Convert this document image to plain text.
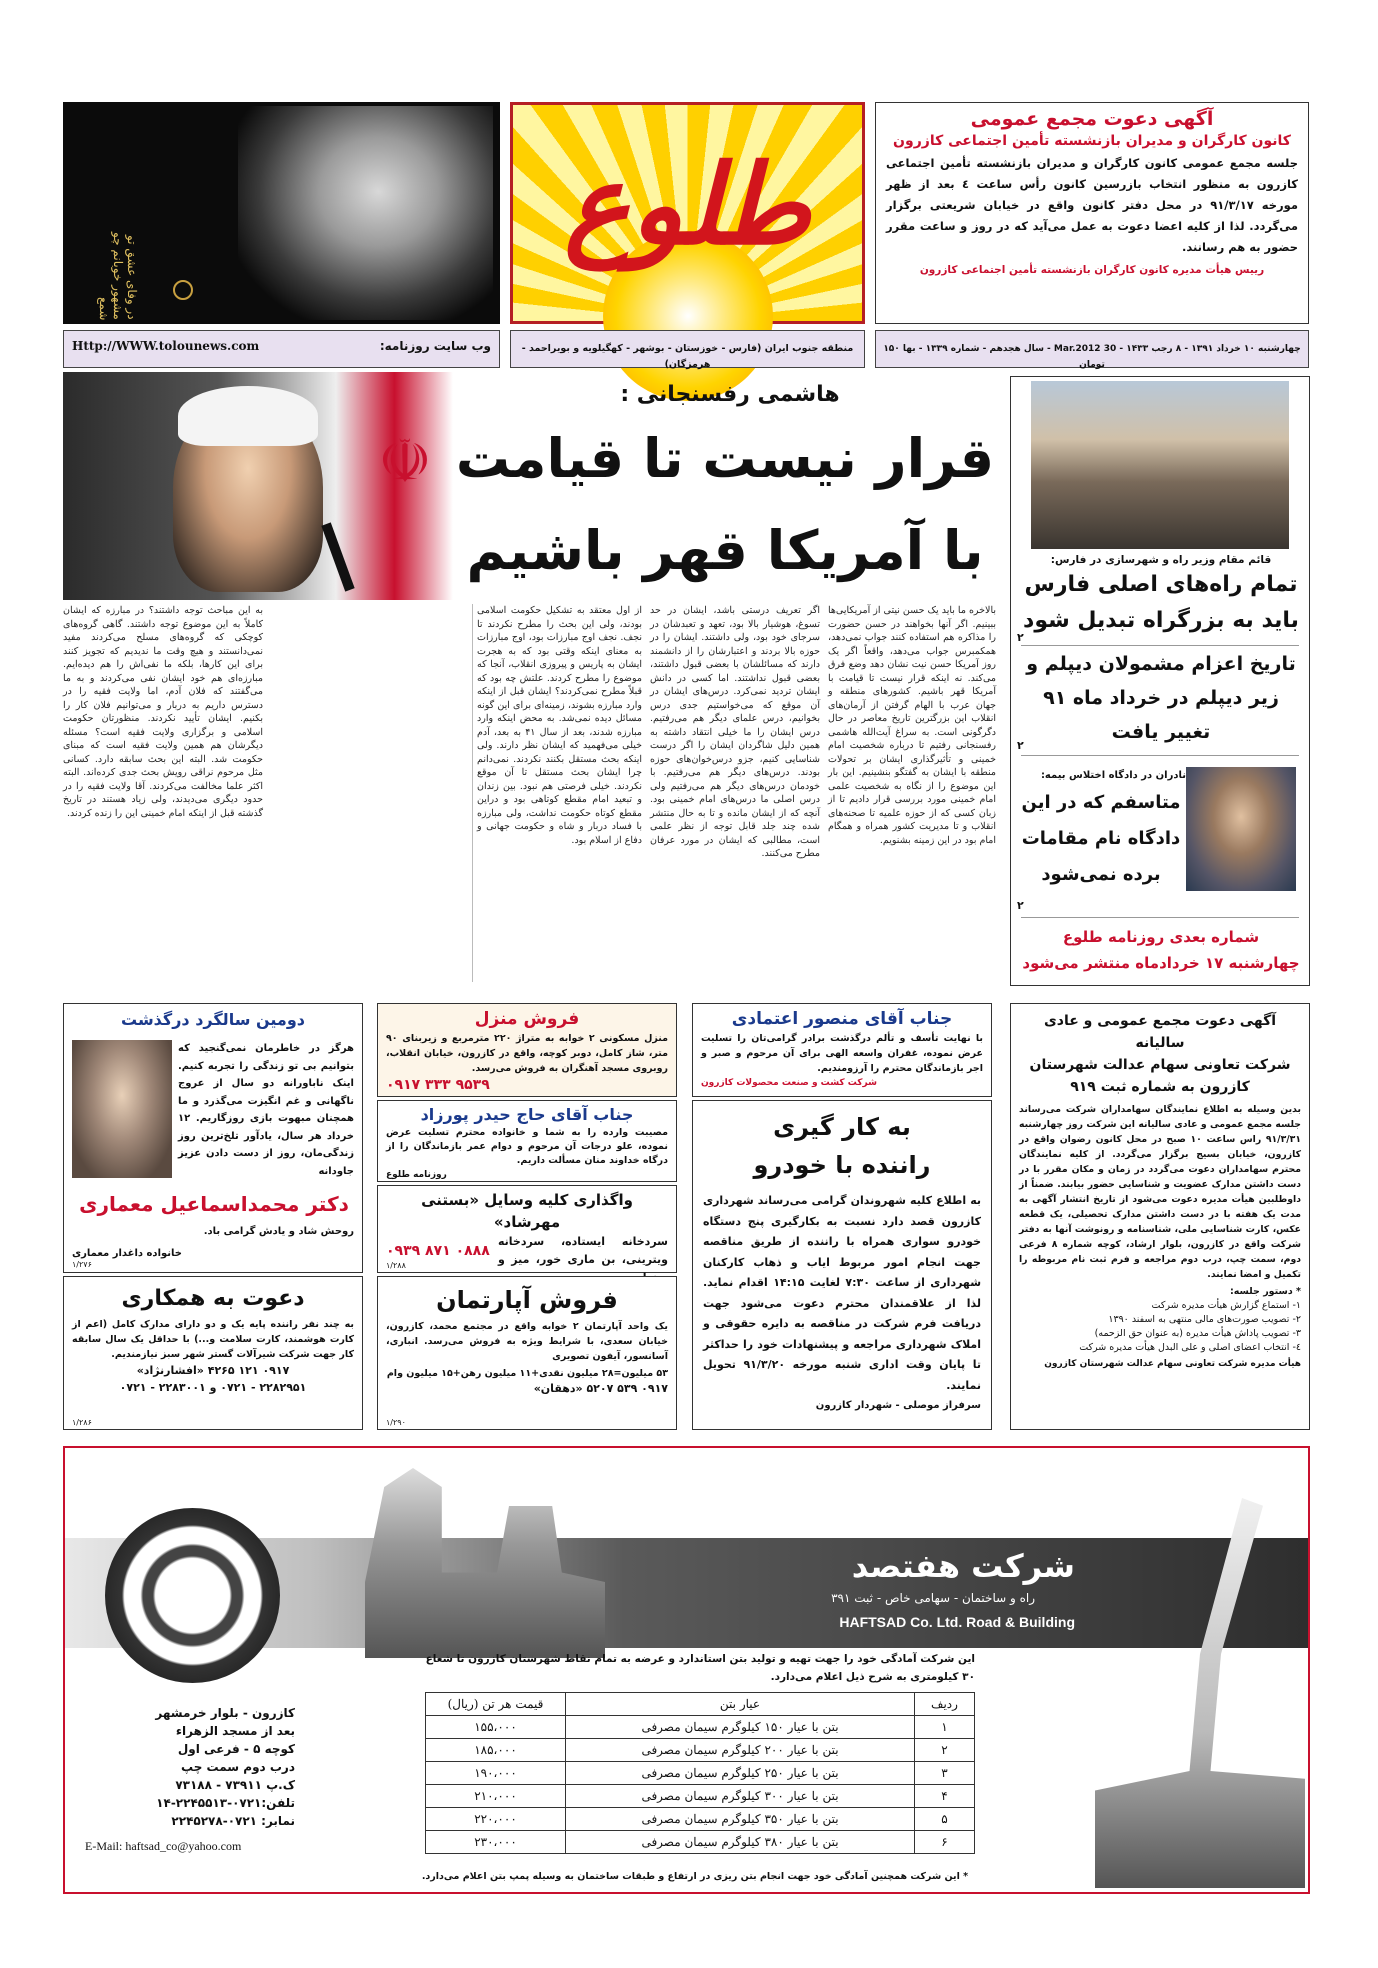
در وفای عشق تو مشهور خوبانم چو شمع
طلوع
آگهی دعوت مجمع عمومی
کانون کارگران و مدیران بازنشسته تأمین اجتماعی کازرون
جلسه مجمع عمومی کانون کارگران و مدیران بازنشسته تأمین اجتماعی کازرون به منظور انتخاب بازرسین کانون رأس ساعت ٤ بعد از ظهر مورخه ۹۱/۳/۱۷ در محل دفتر کانون واقع در خیابان شریعتی برگزار می‌گردد. لذا از کلیه اعضا دعوت به عمل می‌آید که در روز و ساعت مقرر حضور به هم رسانند.
رییس هیأت مدیره کانون کارگران بازنشسته تأمین اجتماعی کازرون
وب سایت روزنامه:
Http://WWW.tolounews.com	منطقه جنوب ایران (فارس - خوزستان - بوشهر - کهگیلویه و بویراحمد - هرمزگان)
چهارشنبه ۱۰ خرداد ۱۳۹۱ - ۸ رجب ۱۴۳۳ - 30 Mar.2012 - سال هجدهم - شماره ۱۳۳۹ - بها ۱۵۰ تومان
☫
هاشمی رفسنجانی :
قرار نیست تا قیامت
با آمریکا قهر باشیم
بالاخره ما باید یک حسن نیتی از آمریکایی‌ها ببینیم. اگر آنها بخواهند در حسن حضورت را مذاکره هم استفاده کنند جواب نمی‌دهد، همکمبرس جواب می‌دهد، واقعاً اگر یک روز آمریکا حسن نیت نشان دهد وضع فرق می‌کند. نه اینکه قرار نیست تا قیامت با آمریکا قهر باشیم. کشورهای منطقه و جهان عرب با الهام گرفتن از آرمان‌های انقلاب این بزرگترین تاریخ معاصر در حال دگرگونی است. به سراغ آیت‌الله هاشمی رفسنجانی رفتیم تا درباره شخصیت امام خمینی و تأثیرگذاری ایشان بر تحولات منطقه با ایشان به گفتگو بنشینیم. این بار این موضوع را از نگاه به شخصیت علمی امام خمینی مورد بررسی قرار دادیم تا از زبان کسی که از حوزه علمیه تا صحنه‌های انقلاب و تا مدیریت کشور همراه و همگام امام بود در این زمینه بشنویم.
اگر تعریف درستی باشد، ایشان در حد تسوغ، هوشیار بالا بود، تعهد و تعبدشان در سرجای خود بود، ولی داشتند. ایشان را در حوزه بالا بردند و اعتبارشان را از دانشمند دارند که مسائلشان با بعضی قبول داشتند، بعضی قبول نداشتند. اما کسی در دانش ایشان تردید نمی‌کرد. درس‌های ایشان در آن موقع که می‌خواستیم جدی درس بخوانیم، درس علمای دیگر هم می‌رفتیم. درس ایشان را ما خیلی انتقاد داشته به همین دلیل شاگردان ایشان را اگر درست شناسایی کنیم، جزو درس‌خوان‌های حوزه بودند. درس‌های دیگر هم می‌رفتیم. با خودمان درس‌های دیگر هم می‌رفتیم ولی درس اصلی ما درس‌های امام خمینی بود. آنچه که از ایشان مانده و تا به حال منتشر شده چند جلد قابل توجه از نظر علمی است، مطالبی که ایشان در مورد عرفان مطرح می‌کنند.
از اول معتقد به تشکیل حکومت اسلامی بودند، ولی این بحث را مطرح نکردند تا نجف. نجف اوج مبارزات بود، اوج مبارزات به معنای اینکه وقتی بود که به هجرت ایشان به پاریس و پیروزی انقلاب، آنجا که موضوع را مطرح کردند. علتش چه بود که قبلاً مطرح نمی‌کردند؟ ایشان قبل از اینکه وارد مبارزه بشوند، زمینه‌ای برای این گونه مسائل دیده نمی‌شد. به محض اینکه وارد مبارزه شدند، بعد از سال ۴۱ به بعد، آدم خیلی می‌فهمید که ایشان نظر دارند. ولی اینکه بحث مستقل بکنند نکردند. نمی‌دانم چرا ایشان بحث مستقل تا آن موقع نکردند. خیلی فرصتی هم نبود. بین زندان و تبعید امام مقطع کوتاهی بود و دراین مقطع کوتاه حکومت نداشت، ولی مبارزه با فساد دربار و شاه و حکومت جهانی و دفاع از اسلام بود.
به این مباحث توجه داشتند؟ در مبارزه که ایشان کاملاً به این موضوع توجه داشتند. گاهی گروه‌های کوچکی که گروه‌های مسلح می‌کردند مفید نمی‌دانستند و هیچ وقت ما ندیدیم که تجویز کنند برای این کارها، بلکه ما نفی‌اش را هم دیده‌ایم. مبارزه‌ای هم خود ایشان نفی می‌کردند و به ما می‌گفتند که فلان آدم، اما ولایت فقیه را در دسترس داریم به دربار و می‌توانیم فلان کار را بکنیم. ایشان تأیید نکردند. منظورتان حکومت اسلامی و برگزاری ولایت فقیه است؟ مسئله دیگرشان هم همین ولایت فقیه است که مبنای حکومت شد. البته این بحث سابقه دارد. کسانی مثل مرحوم نراقی رویش بحث جدی کرده‌اند. البته اکثر علما مخالفت می‌کردند. آقا ولایت فقیه را در حدود دیگری می‌دیدند، ولی زیاد هستند در تاریخ گذشته قبل از اینکه امام خمینی این را زنده کردند.
قائم مقام وزیر راه و شهرسازی در فارس:
تمام راه‌های اصلی فارس
باید به بزرگراه تبدیل شود
۲
تاریخ اعزام مشمولان دیپلم و
زیر دیپلم در خرداد ماه ۹۱
تغییر یافت
۲
نادران در دادگاه اختلاس بیمه:
متاسفم که در این
دادگاه نام مقامات
برده نمی‌شود
۲
شماره بعدی روزنامه طلوع
چهارشنبه ۱۷ خردادماه منتشر می‌شود
دومین سالگرد درگذشت
هرگز در خاطرمان نمی‌گنجید که بتوانیم بی تو زندگی را تجربه کنیم. اینک ناباورانه دو سال از عروج ناگهانی و غم انگیزت می‌گذرد و ما همچنان مبهوت بازی روزگاریم. ۱۲ خرداد هر سال، یادآور تلخ‌ترین روز زندگی‌مان، روز از دست دادن عزیز جاودانه
دکتر محمداسماعیل معماری
روحش شاد و یادش گرامی باد.
خانواده داغدار معماری
۱/۲۷۶
فروش منزل
منزل مسکونی ۲ خوابه به متراژ ۲۲۰ مترمربع و زیربنای ۹۰ متر، شاز کامل، دوبر کوچه، واقع در کازرون، خیابان انقلاب، روبروی مسجد آهنگران به فروش می‌رسد.
۰۹۱۷ ۳۳۳ ۹۵۳۹
جناب آقای منصور اعتمادی
با نهایت تأسف و تألم درگذشت برادر گرامی‌تان را تسلیت عرض نموده، غفران واسعه الهی برای آن مرحوم و صبر و اجر بازماندگان محترم را آرزومندیم.
شرکت کشت و صنعت محصولات کازرون
جناب آقای حاج حیدر پورزاد
مصیبت وارده را به شما و خانواده محترم تسلیت عرض نموده، علو درجات آن مرحوم و دوام عمر بازماندگان را از درگاه خداوند منان مسألت داریم.
روزنامه طلوع
واگذاری کلیه وسایل «بستنی مهرشاد»
سردخانه ایستاده، سردخانه ویترینی، بن ماری خور، میز و
۰۹۳۹ ۸۷۱ ۰۸۸۸
۱/۲۸۸
به کار گیری
راننده با خودرو
به اطلاع کلیه شهروندان گرامی می‌رساند شهرداری کازرون قصد دارد نسبت به بکارگیری پنج دستگاه خودرو سواری همراه با راننده از طریق مناقصه جهت انجام امور مربوط ایاب و ذهاب کارکنان شهرداری از ساعت ۷:۳۰ لغایت ۱۴:۱۵ اقدام نماید. لذا از علاقمندان محترم دعوت می‌شود جهت دریافت فرم شرکت در مناقصه به دایره حقوقی و املاک شهرداری مراجعه و پیشنهادات خود را حداکثر تا پایان وقت اداری شنبه مورخه ۹۱/۳/۲۰ تحویل نمایند.
سرفراز موصلی - شهردار کازرون
فروش آپارتمان
یک واحد آپارتمان ۲ خوابه واقع در مجتمع محمد، کازرون، خیابان سعدی، با شرایط ویژه به فروش می‌رسد. انباری، آسانسور، آیفون تصویری
۵۳ میلیون=۲۸ میلیون نقدی+۱۱ میلیون رهن+۱۵ میلیون وام
۰۹۱۷ ۵۳۹ ۵۲۰۷ «دهقان»
۱/۲۹۰
دعوت به همکاری
به چند نفر راننده پایه یک و دو دارای مدارک کامل (اعم از کارت هوشمند، کارت سلامت و...) با حداقل یک سال سابقه کار جهت شرکت شیرآلات گستر شهر سبز نیازمندیم.
۰۹۱۷ ۱۲۱ ۴۲۶۵ «افشارنژاد»
۲۲۸۲۹۵۱ - ۰۷۲۱ و ۲۲۸۳۰۰۱ - ۰۷۲۱
۱/۲۸۶
آگهی دعوت مجمع عمومی و عادی سالیانه
شرکت تعاونی سهام عدالت شهرستان
کازرون به شماره ثبت ۹۱۹
بدین وسیله به اطلاع نمایندگان سهامداران شرکت می‌رساند جلسه مجمع عمومی و عادی سالیانه این شرکت روز چهارشنبه ۹۱/۳/۳۱ راس ساعت ۱۰ صبح در محل کانون رضوان واقع در کازرون، خیابان بسیج برگزار می‌گردد. از کلیه نمایندگان محترم سهامداران دعوت می‌گردد در زمان و مکان مقرر با در دست داشتن مدارک عضویت و شناسایی حضور بیابند. ضمناً از داوطلبین هیأت مدیره دعوت می‌شود از تاریخ انتشار آگهی به مدت یک هفته با در دست داشتن مدارک تحصیلی، یک قطعه عکس، کارت شناسایی ملی، شناسنامه و رونوشت آنها به دفتر شرکت واقع در کازرون، بلوار ارشاد، کوچه شماره ۸ فرعی دوم، سمت چپ، درب دوم مراجعه و فرم ثبت نام مربوطه را تکمیل و امضا نمایند.
* دستور جلسه:
۱- استماع گزارش هیأت مدیره شرکت
۲- تصویب صورت‌های مالی منتهی به اسفند ۱۳۹۰
۳- تصویب پاداش هیأت مدیره (به عنوان حق الزحمه)
٤- انتخاب اعضای اصلی و علی البدل هیأت مدیره شرکت
هیأت مدیره شرکت تعاونی سهام عدالت شهرستان کازرون
شرکت هفتصد
راه و ساختمان - سهامی خاص - ثبت ۳۹۱
HAFTSAD Co. Ltd. Road & Building
این شرکت آمادگی خود را جهت تهیه و تولید بتن استاندارد و عرضه به تمام نقاط شهرستان کازرون تا شعاع ۳۰ کیلومتری به شرح ذیل اعلام می‌دارد.
ردیف	عیار بتن	قیمت هر تن (ریال)
۱	بتن با عیار ۱۵۰ کیلوگرم سیمان مصرفی	۱۵۵،۰۰۰
۲	بتن با عیار ۲۰۰ کیلوگرم سیمان مصرفی	۱۸۵،۰۰۰
۳	بتن با عیار ۲۵۰ کیلوگرم سیمان مصرفی	۱۹۰،۰۰۰
۴	بتن با عیار ۳۰۰ کیلوگرم سیمان مصرفی	۲۱۰،۰۰۰
۵	بتن با عیار ۳۵۰ کیلوگرم سیمان مصرفی	۲۲۰،۰۰۰
۶	بتن با عیار ۳۸۰ کیلوگرم سیمان مصرفی	۲۳۰،۰۰۰
* این شرکت همچنین آمادگی خود جهت انجام بتن ریزی در ارتفاع و طبقات ساختمان به وسیله پمپ بتن اعلام می‌دارد.
کازرون - بلوار خرمشهر
بعد از مسجد الزهراء
کوچه ۵ - فرعی اول
درب دوم سمت چپ
ک.پ ۷۳۹۱۱ - ۷۳۱۸۸
تلفن:۰۷۲۱-۲۲۴۵۵۱۳-۱۴
نمابر: ۰۷۲۱-۲۲۴۵۲۷۸
E-Mail: haftsad_co@yahoo.com
